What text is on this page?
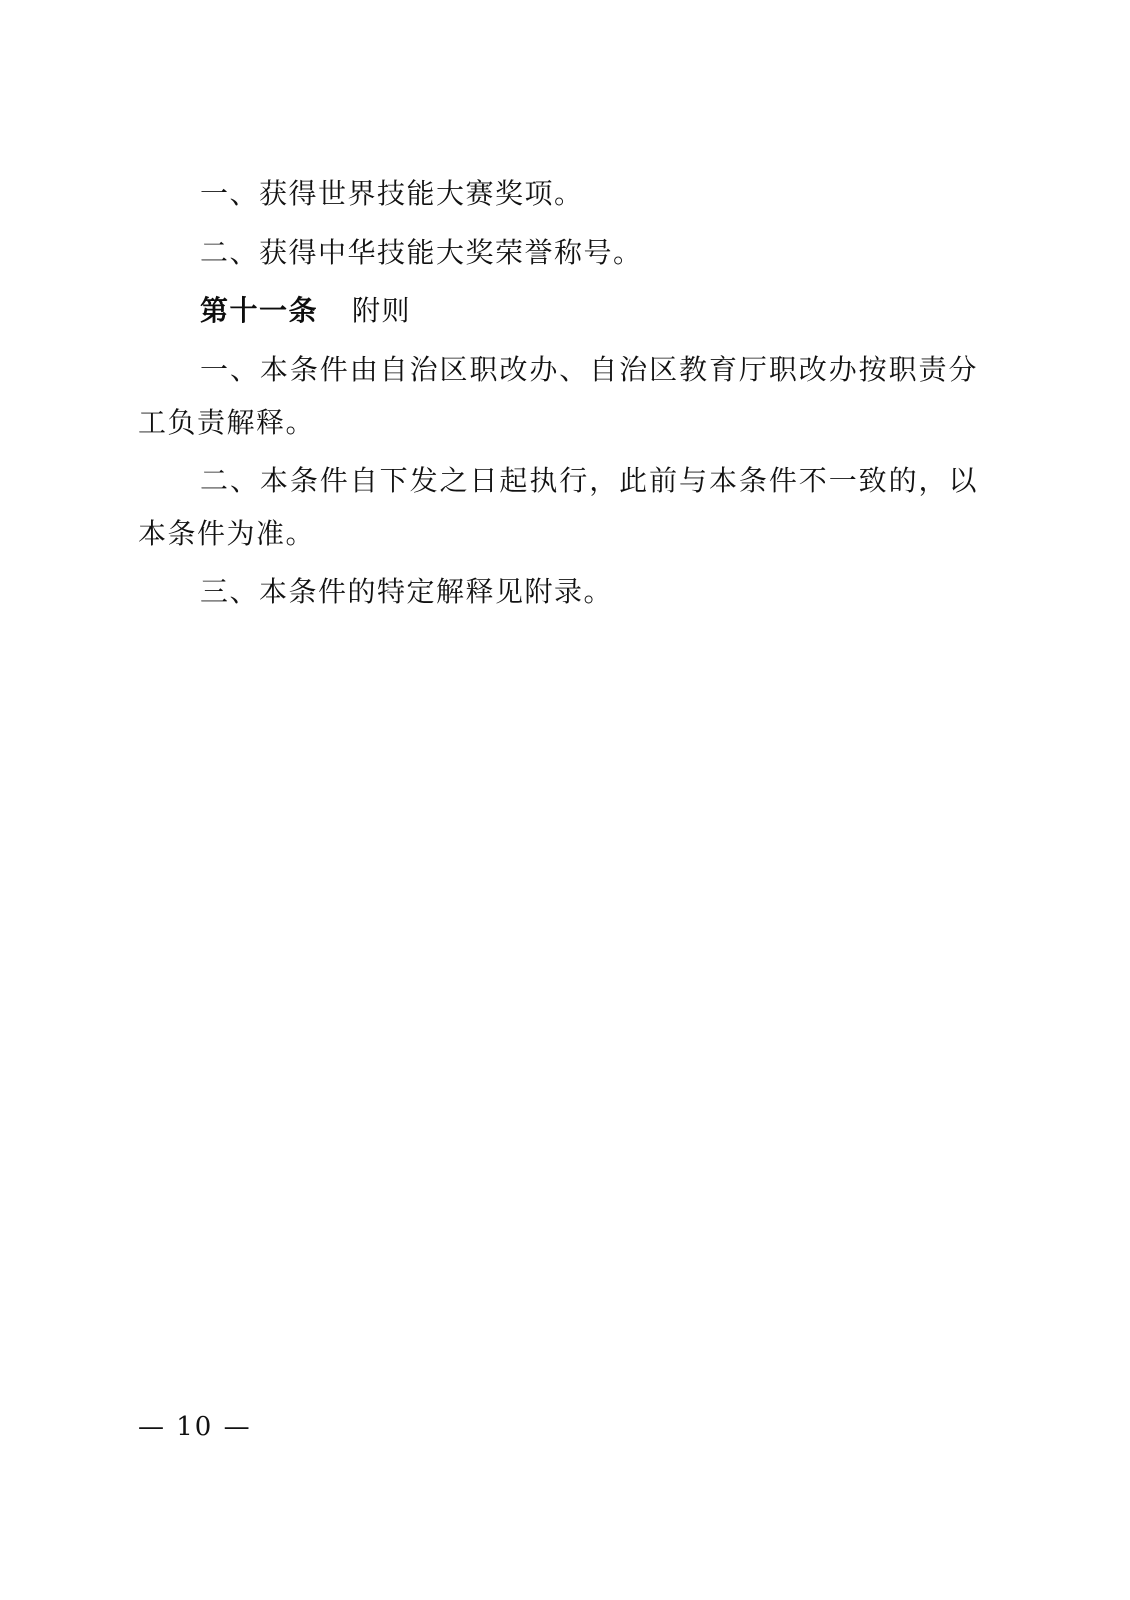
一、获得世界技能大赛奖项。

二、获得中华技能大奖荣誉称号。

第十一条 附则

一、本条件由自治区职改办、自治区教育厅职改办按职责分工负责解释。

二、本条件自下发之日起执行，此前与本条件不一致的，以本条件为准。

三、本条件的特定解释见附录。

— 10 —
